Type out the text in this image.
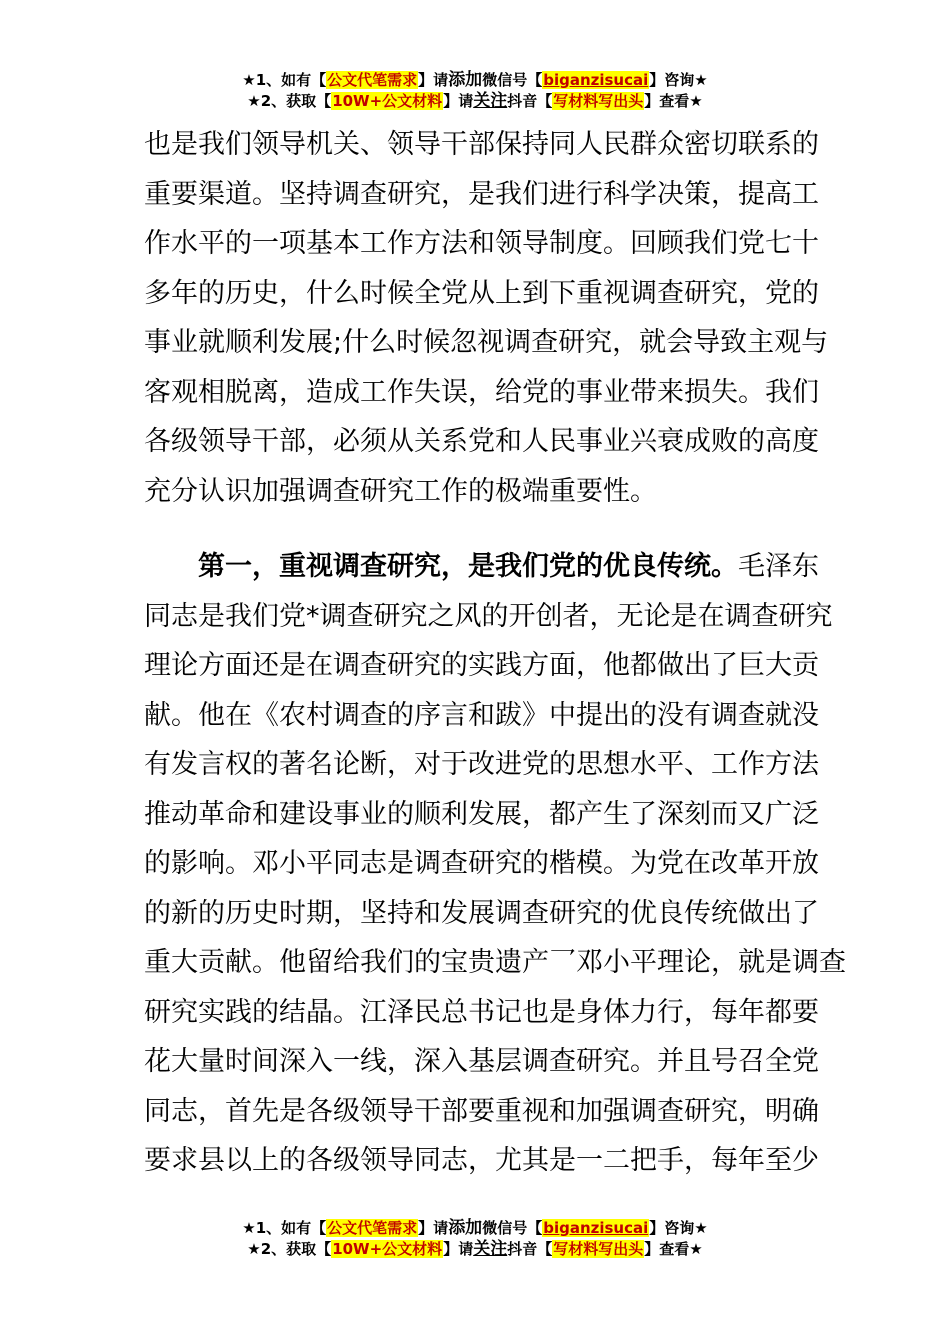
★1、如有【公文代笔需求】请添加微信号【biganzisucai】咨询★
★2、获取【10W+公文材料】请关注抖音【写材料写出头】查看★
也是我们领导机关、领导干部保持同人民群众密切联系的
重要渠道。坚持调查研究，是我们进行科学决策，提高工
作水平的一项基本工作方法和领导制度。回顾我们党七十
多年的历史，什么时候全党从上到下重视调查研究，党的
事业就顺利发展;什么时候忽视调查研究，就会导致主观与
客观相脱离，造成工作失误，给党的事业带来损失。我们
各级领导干部，必须从关系党和人民事业兴衰成败的高度
充分认识加强调查研究工作的极端重要性。
第一，重视调查研究，是我们党的优良传统。毛泽东
同志是我们党*调查研究之风的开创者，无论是在调查研究
理论方面还是在调查研究的实践方面，他都做出了巨大贡
献。他在《农村调查的序言和跋》中提出的没有调查就没
有发言权的著名论断，对于改进党的思想水平、工作方法
推动革命和建设事业的顺利发展，都产生了深刻而又广泛
的影响。邓小平同志是调查研究的楷模。为党在改革开放
的新的历史时期，坚持和发展调查研究的优良传统做出了
重大贡献。他留给我们的宝贵遗产乛邓小平理论，就是调查
研究实践的结晶。江泽民总书记也是身体力行，每年都要
花大量时间深入一线，深入基层调查研究。并且号召全党
同志，首先是各级领导干部要重视和加强调查研究，明确
要求县以上的各级领导同志，尤其是一二把手，每年至少
★1、如有【公文代笔需求】请添加微信号【biganzisucai】咨询★
★2、获取【10W+公文材料】请关注抖音【写材料写出头】查看★
